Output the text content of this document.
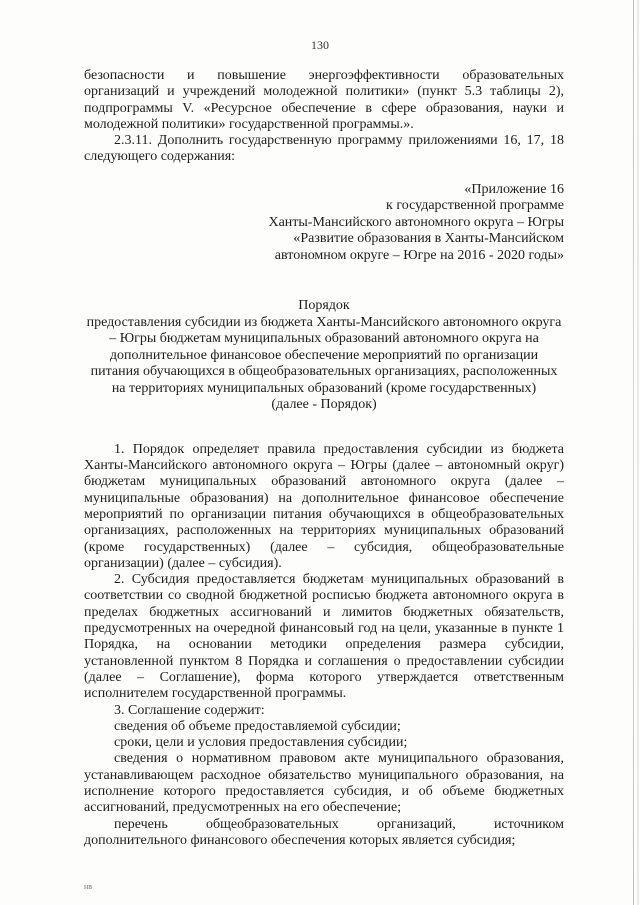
130

безопасности и повышение энергоэффективности образовательных организаций и учреждений молодежной политики» (пункт 5.3 таблицы 2), подпрограммы V. «Ресурсное обеспечение в сфере образования, науки и молодежной политики» государственной программы.».

2.3.11. Дополнить государственную программу приложениями 16, 17, 18 следующего содержания:

«Приложение 16
к государственной программе
Ханты-Мансийского автономного округа – Югры
«Развитие образования в Ханты-Мансийском
автономном округе – Югре на 2016 - 2020 годы»
Порядок
предоставления субсидии из бюджета Ханты-Мансийского автономного округа – Югры бюджетам муниципальных образований автономного округа на дополнительное финансовое обеспечение мероприятий по организации питания обучающихся в общеобразовательных организациях, расположенных на территориях муниципальных образований (кроме государственных)
(далее - Порядок)

1. Порядок определяет правила предоставления субсидии из бюджета Ханты-Мансийского автономного округа – Югры (далее – автономный округ) бюджетам муниципальных образований автономного округа (далее – муниципальные образования) на дополнительное финансовое обеспечение мероприятий по организации питания обучающихся в общеобразовательных организациях, расположенных на территориях муниципальных образований (кроме государственных) (далее – субсидия, общеобразовательные организации) (далее – субсидия).

2. Субсидия предоставляется бюджетам муниципальных образований в соответствии со сводной бюджетной росписью бюджета автономного округа в пределах бюджетных ассигнований и лимитов бюджетных обязательств, предусмотренных на очередной финансовый год на цели, указанные в пункте 1 Порядка, на основании методики определения размера субсидии, установленной пунктом 8 Порядка и соглашения о предоставлении субсидии (далее – Соглашение), форма которого утверждается ответственным исполнителем государственной программы.

3. Соглашение содержит:

сведения об объеме предоставляемой субсидии;

сроки, цели и условия предоставления субсидии;

сведения о нормативном правовом акте муниципального образования, устанавливающем расходное обязательство муниципального образования, на исполнение которого предоставляется субсидия, и об объеме бюджетных ассигнований, предусмотренных на его обеспечение;

перечень общеобразовательных организаций, источником дополнительного финансового обеспечения которых является субсидия;

нв
